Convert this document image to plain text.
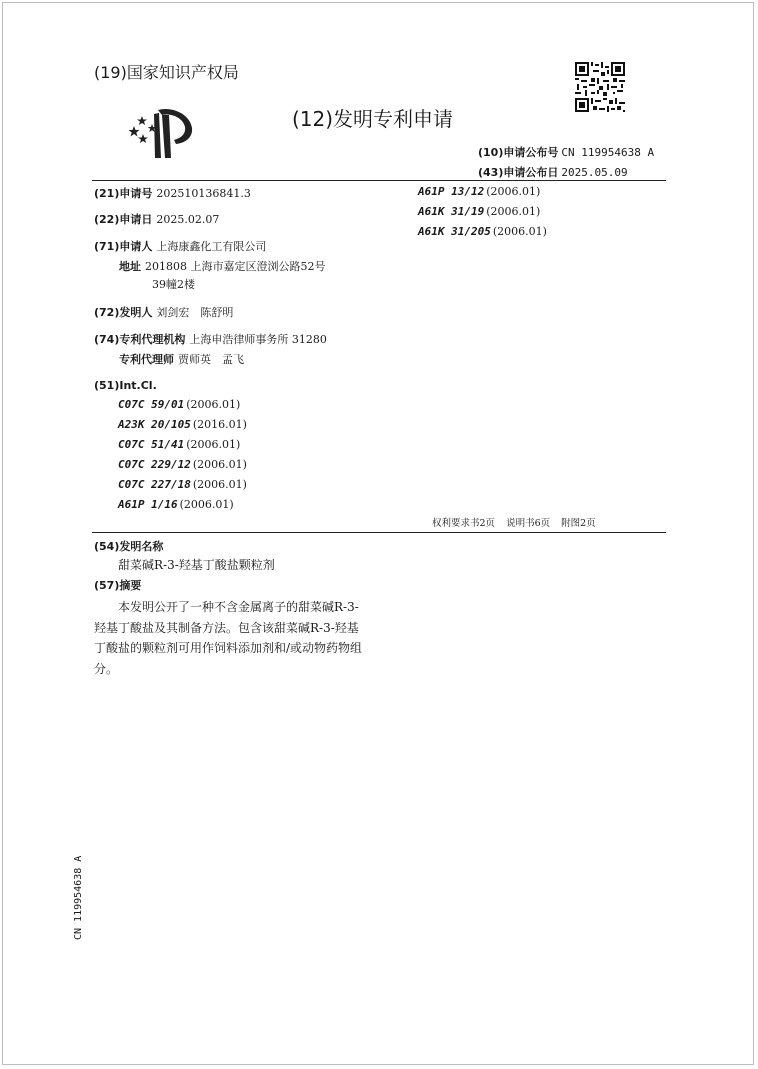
(19)国家知识产权局
(12)发明专利申请
(10)申请公布号 CN 119954638 A
(43)申请公布日 2025.05.09
(21)申请号 202510136841.3
(22)申请日 2025.02.07
(71)申请人 上海康鑫化工有限公司
地址 201808 上海市嘉定区澄浏公路52号
39幢2楼
(72)发明人 刘剑宏　陈舒明
(74)专利代理机构 上海申浩律师事务所 31280
专利代理师 贾师英　孟飞
(51)Int.Cl.
C07C 59/01 (2006.01)
A23K 20/105 (2016.01)
C07C 51/41 (2006.01)
C07C 229/12 (2006.01)
C07C 227/18 (2006.01)
A61P 1/16 (2006.01)
A61P 13/12 (2006.01)
A61K 31/19 (2006.01)
A61K 31/205 (2006.01)
权利要求书2页 说明书6页 附图2页
(54)发明名称
甜菜碱R-3-羟基丁酸盐颗粒剂
(57)摘要
本发明公开了一种不含金属离子的甜菜碱R-3-羟基丁酸盐及其制备方法。包含该甜菜碱R-3-羟基丁酸盐的颗粒剂可用作饲料添加剂和/或动物药物组分。
CN 119954638 A
